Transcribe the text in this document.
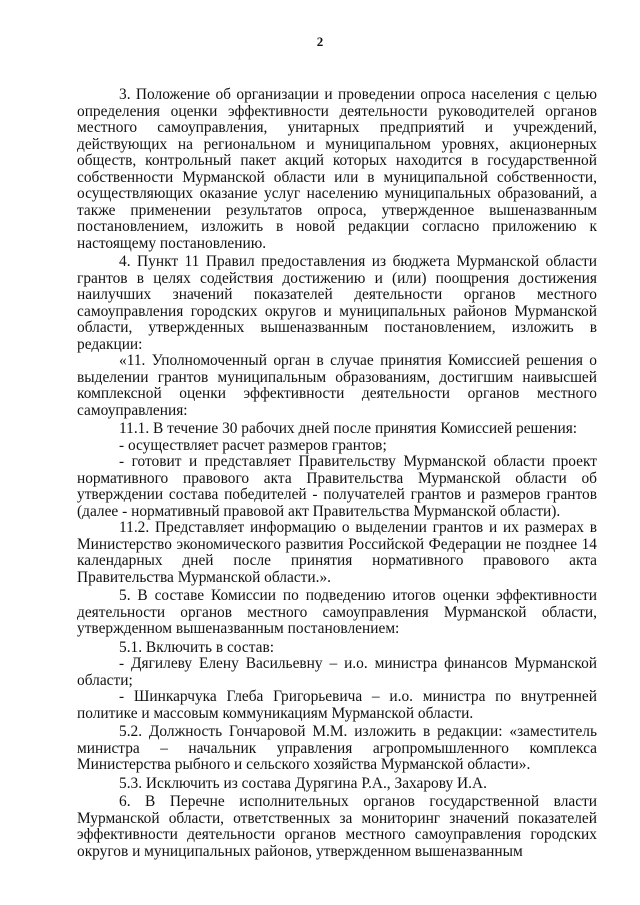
2

3. Положение об организации и проведении опроса населения с целью определения оценки эффективности деятельности руководителей органов местного самоуправления, унитарных предприятий и учреждений, действующих на региональном и муниципальном уровнях, акционерных обществ, контрольный пакет акций которых находится в государственной собственности Мурманской области или в муниципальной собственности, осуществляющих оказание услуг населению муниципальных образований, а также применении результатов опроса, утвержденное вышеназванным постановлением, изложить в новой редакции согласно приложению к настоящему постановлению.

4. Пункт 11 Правил предоставления из бюджета Мурманской области грантов в целях содействия достижению и (или) поощрения достижения наилучших значений показателей деятельности органов местного самоуправления городских округов и муниципальных районов Мурманской области, утвержденных вышеназванным постановлением, изложить в редакции:

«11. Уполномоченный орган в случае принятия Комиссией решения о выделении грантов муниципальным образованиям, достигшим наивысшей комплексной оценки эффективности деятельности органов местного самоуправления:

11.1. В течение 30 рабочих дней после принятия Комиссией решения:

- осуществляет расчет размеров грантов;

- готовит и представляет Правительству Мурманской области проект нормативного правового акта Правительства Мурманской области об утверждении состава победителей - получателей грантов и размеров грантов (далее - нормативный правовой акт Правительства Мурманской области).

11.2. Представляет информацию о выделении грантов и их размерах в Министерство экономического развития Российской Федерации не позднее 14 календарных дней после принятия нормативного правового акта Правительства Мурманской области.».

5. В составе Комиссии по подведению итогов оценки эффективности деятельности органов местного самоуправления Мурманской области, утвержденном вышеназванным постановлением:

5.1. Включить в состав:

- Дягилеву Елену Васильевну – и.о. министра финансов Мурманской области;

- Шинкарчука Глеба Григорьевича – и.о. министра по внутренней политике и массовым коммуникациям Мурманской области.

5.2. Должность Гончаровой М.М. изложить в редакции: «заместитель министра – начальник управления агропромышленного комплекса Министерства рыбного и сельского хозяйства Мурманской области».

5.3. Исключить из состава Дурягина Р.А., Захарову И.А.

6. В Перечне исполнительных органов государственной власти Мурманской области, ответственных за мониторинг значений показателей эффективности деятельности органов местного самоуправления городских округов и муниципальных районов, утвержденном вышеназванным
